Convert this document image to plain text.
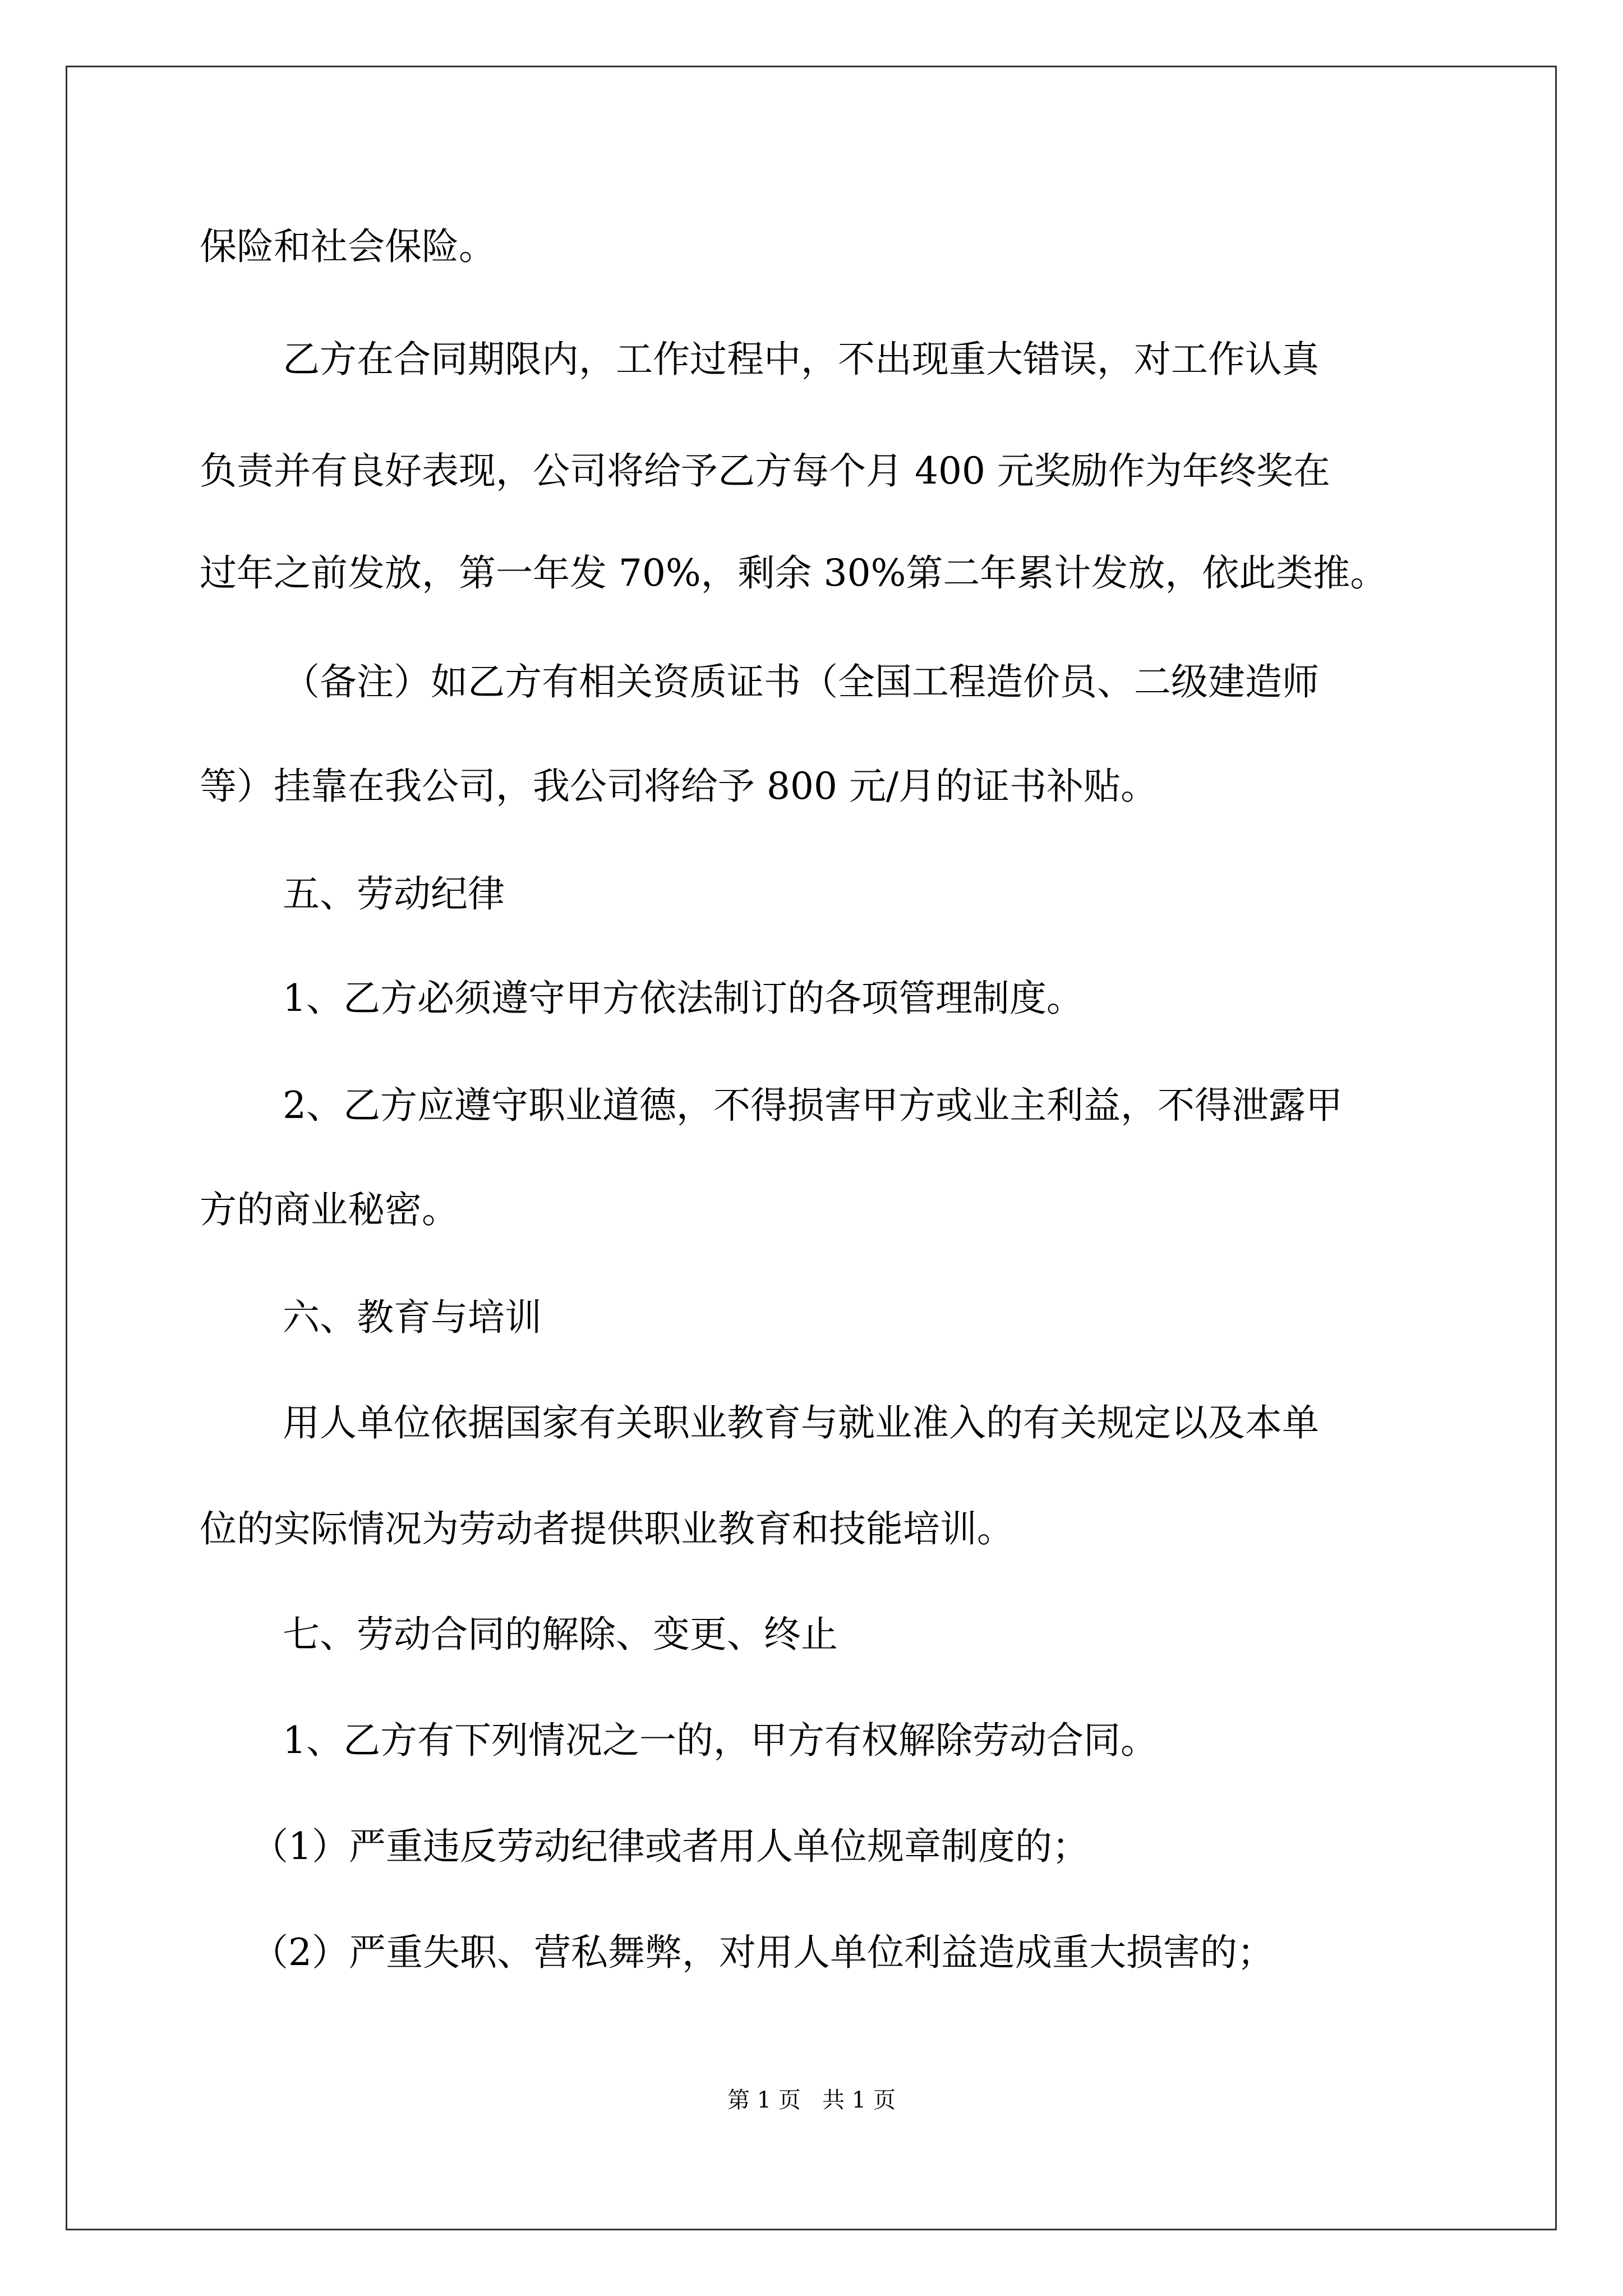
保险和社会保险。
乙方在合同期限内，工作过程中，不出现重大错误，对工作认真
负责并有良好表现，公司将给予乙方每个月 400 元奖励作为年终奖在
过年之前发放，第一年发 70%，剩余 30%第二年累计发放，依此类推。
（备注）如乙方有相关资质证书（全国工程造价员、二级建造师
等）挂靠在我公司，我公司将给予 800 元/月的证书补贴。
五、劳动纪律
1、乙方必须遵守甲方依法制订的各项管理制度。
2、乙方应遵守职业道德，不得损害甲方或业主利益，不得泄露甲
方的商业秘密。
六、教育与培训
用人单位依据国家有关职业教育与就业准入的有关规定以及本单
位的实际情况为劳动者提供职业教育和技能培训。
七、劳动合同的解除、变更、终止
1、乙方有下列情况之一的，甲方有权解除劳动合同。
（1）严重违反劳动纪律或者用人单位规章制度的；
（2）严重失职、营私舞弊，对用人单位利益造成重大损害的；
第 1 页   共 1 页
